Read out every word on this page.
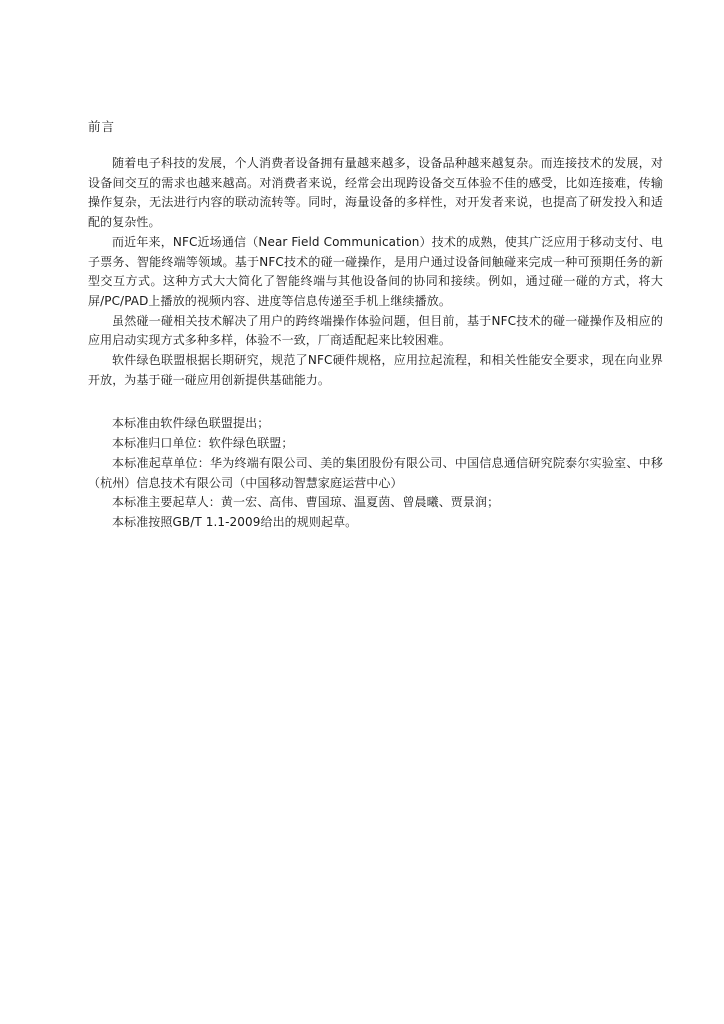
前言

随着电子科技的发展，个人消费者设备拥有量越来越多，设备品种越来越复杂。而连接技术的发展，对设备间交互的需求也越来越高。对消费者来说，经常会出现跨设备交互体验不佳的感受，比如连接难，传输操作复杂，无法进行内容的联动流转等。同时，海量设备的多样性，对开发者来说，也提高了研发投入和适配的复杂性。

而近年来，NFC近场通信（Near Field Communication）技术的成熟，使其广泛应用于移动支付、电子票务、智能终端等领域。基于NFC技术的碰一碰操作，是用户通过设备间触碰来完成一种可预期任务的新型交互方式。这种方式大大简化了智能终端与其他设备间的协同和接续。例如，通过碰一碰的方式，将大屏/PC/PAD上播放的视频内容、进度等信息传递至手机上继续播放。

虽然碰一碰相关技术解决了用户的跨终端操作体验问题，但目前，基于NFC技术的碰一碰操作及相应的应用启动实现方式多种多样，体验不一致，厂商适配起来比较困难。

软件绿色联盟根据长期研究，规范了NFC硬件规格，应用拉起流程，和相关性能安全要求，现在向业界开放，为基于碰一碰应用创新提供基础能力。

本标准由软件绿色联盟提出；

本标准归口单位：软件绿色联盟；

本标准起草单位：华为终端有限公司、美的集团股份有限公司、中国信息通信研究院泰尔实验室、中移（杭州）信息技术有限公司（中国移动智慧家庭运营中心）

本标准主要起草人：黄一宏、高伟、曹国琼、温夏茵、曾晨曦、贾景润；

本标准按照GB/T 1.1-2009给出的规则起草。
